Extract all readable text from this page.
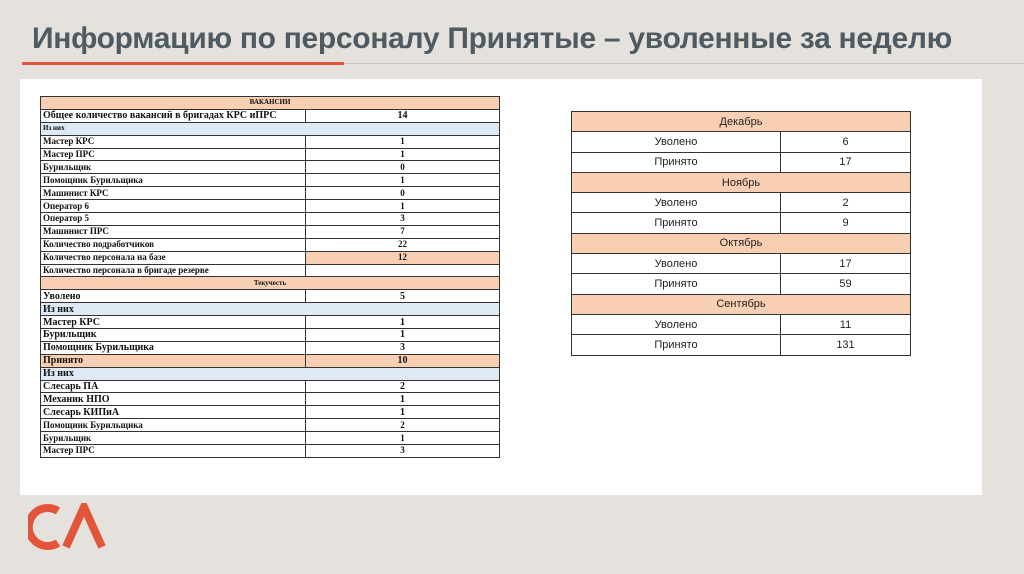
Информацию по персоналу Принятые – уволенные за неделю
ВАКАНСИИ	
Общее количество вакансий в бригадах КРС иПРС	14
Из них	
Мастер КРС	1
Мастер ПРС	1
Бурильщик	0
Помощник Бурильщика	1
Машинист КРС	0
Оператор 6	1
Оператор 5	3
Машинист ПРС	7
Количество подработчиков	22
Количество персонала на базе	12
Количество персонала в бригаде резерве	
Текучесть	
Уволено	5
Из них	
Мастер КРС	1
Бурильщик	1
Помощник Бурильщика	3
Принято	10
Из них	
Слесарь ПА	2
Механик НПО	1
Слесарь КИПиА	1
Помощник Бурильщика	2
Бурильщик	1
Мастер ПРС	3
Декабрь	
Уволено	6
Принято	17
Ноябрь	
Уволено	2
Принято	9
Октябрь	
Уволено	17
Принято	59
Сентябрь	
Уволено	11
Принято	131
